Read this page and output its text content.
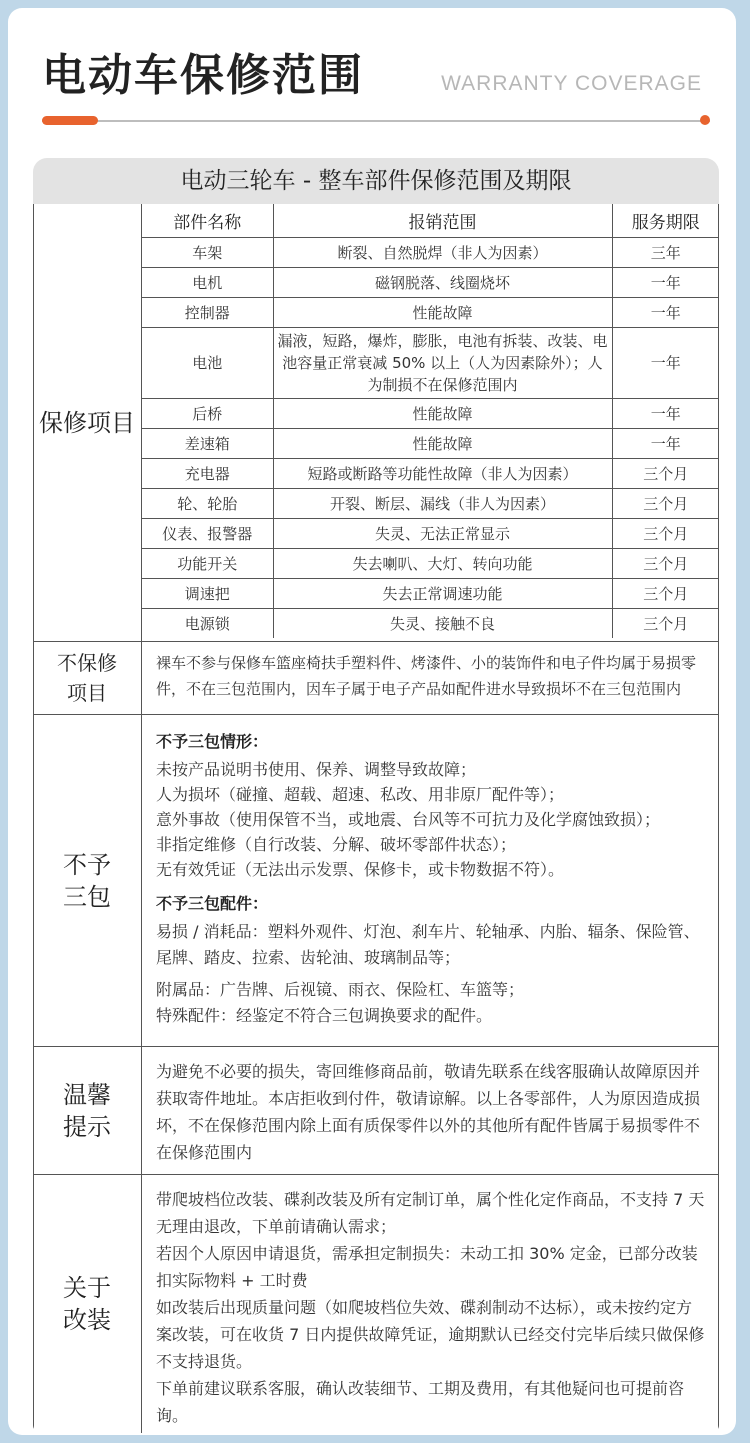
电动车保修范围	WARRANTY COVERAGE
电动三轮车 - 整车部件保修范围及期限
保修项目
部件名称	报销范围	服务期限
车架	断裂、自然脱焊（非人为因素）	三年
电机	磁钢脱落、线圈烧坏	一年
控制器	性能故障	一年
电池	漏液，短路，爆炸，膨胀，电池有拆装、改装、电池容量正常衰减 50% 以上（人为因素除外）；人为制损不在保修范围内	一年
后桥	性能故障	一年
差速箱	性能故障	一年
充电器	短路或断路等功能性故障（非人为因素）	三个月
轮、轮胎	开裂、断层、漏线（非人为因素）	三个月
仪表、报警器	失灵、无法正常显示	三个月
功能开关	失去喇叭、大灯、转向功能	三个月
调速把	失去正常调速功能	三个月
电源锁	失灵、接触不良	三个月
不保修项目
裸车不参与保修车篮座椅扶手塑料件、烤漆件、小的装饰件和电子件均属于易损零件，不在三包范围内，因车子属于电子产品如配件进水导致损坏不在三包范围内
不予三包
不予三包情形：
未按产品说明书使用、保养、调整导致故障；
人为损坏（碰撞、超载、超速、私改、用非原厂配件等）；
意外事故（使用保管不当，或地震、台风等不可抗力及化学腐蚀致损）；
非指定维修（自行改装、分解、破坏零部件状态）；
无有效凭证（无法出示发票、保修卡，或卡物数据不符）。
不予三包配件：
易损 / 消耗品：塑料外观件、灯泡、刹车片、轮轴承、内胎、辐条、保险管、尾牌、踏皮、拉索、齿轮油、玻璃制品等；
附属品：广告牌、后视镜、雨衣、保险杠、车篮等；
特殊配件：经鉴定不符合三包调换要求的配件。
温馨提示
为避免不必要的损失，寄回维修商品前，敬请先联系在线客服确认故障原因并获取寄件地址。本店拒收到付件，敬请谅解。以上各零部件，人为原因造成损坏，不在保修范围内除上面有质保零件以外的其他所有配件皆属于易损零件不在保修范围内
关于改装
带爬坡档位改装、碟刹改装及所有定制订单，属个性化定作商品，不支持 7 天无理由退改，下单前请确认需求；
若因个人原因申请退货，需承担定制损失：未动工扣 30% 定金，已部分改装扣实际物料 + 工时费
如改装后出现质量问题（如爬坡档位失效、碟刹制动不达标），或未按约定方案改装，可在收货 7 日内提供故障凭证，逾期默认已经交付完毕后续只做保修不支持退货。
下单前建议联系客服，确认改装细节、工期及费用，有其他疑问也可提前咨询。
